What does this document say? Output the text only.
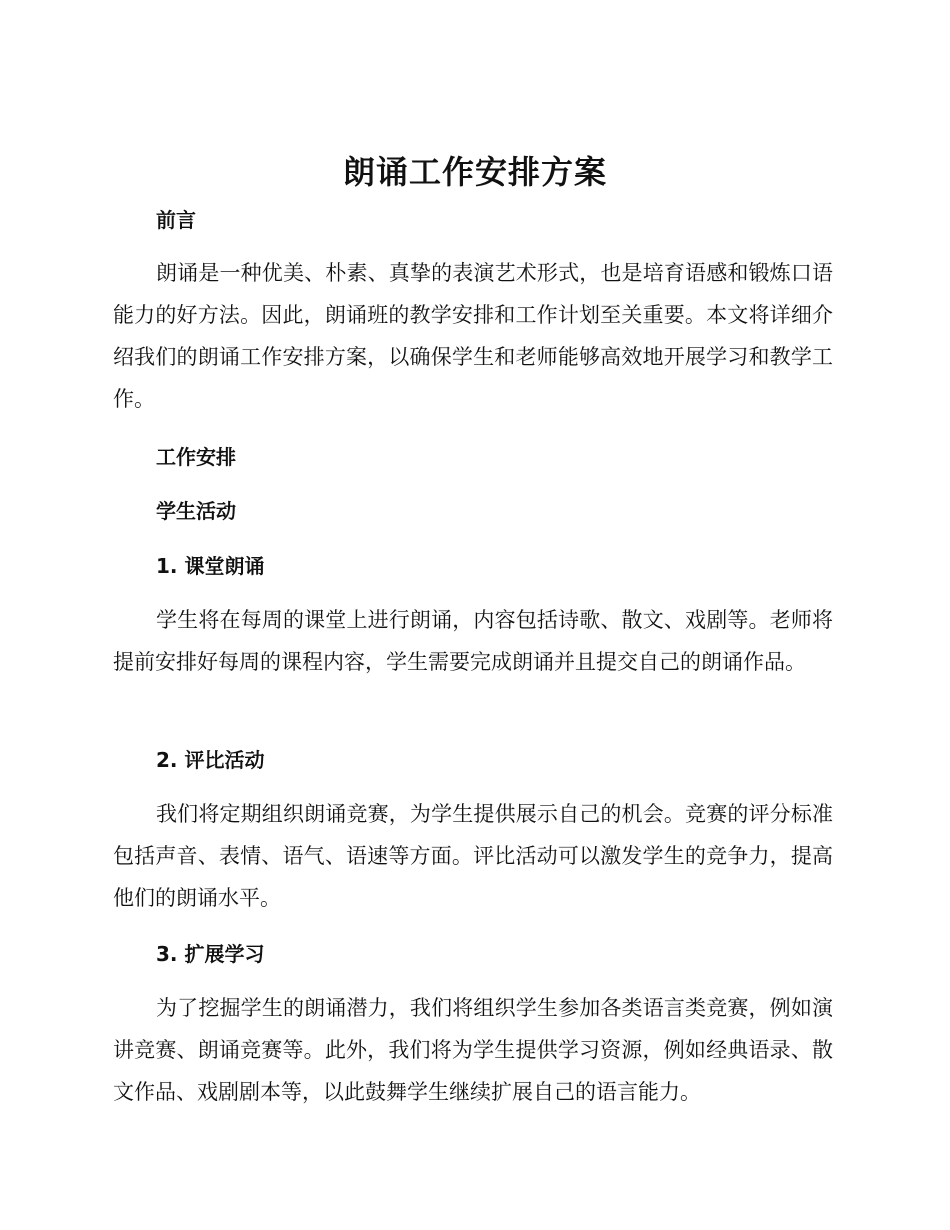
朗诵工作安排方案
前言
朗诵是一种优美、朴素、真挚的表演艺术形式，也是培育语感和锻炼口语能力的好方法。因此，朗诵班的教学安排和工作计划至关重要。本文将详细介绍我们的朗诵工作安排方案，以确保学生和老师能够高效地开展学习和教学工作。
工作安排
学生活动
1. 课堂朗诵
学生将在每周的课堂上进行朗诵，内容包括诗歌、散文、戏剧等。老师将提前安排好每周的课程内容，学生需要完成朗诵并且提交自己的朗诵作品。
2. 评比活动
我们将定期组织朗诵竞赛，为学生提供展示自己的机会。竞赛的评分标准包括声音、表情、语气、语速等方面。评比活动可以激发学生的竞争力，提高他们的朗诵水平。
3. 扩展学习
为了挖掘学生的朗诵潜力，我们将组织学生参加各类语言类竞赛，例如演讲竞赛、朗诵竞赛等。此外，我们将为学生提供学习资源，例如经典语录、散文作品、戏剧剧本等，以此鼓舞学生继续扩展自己的语言能力。
